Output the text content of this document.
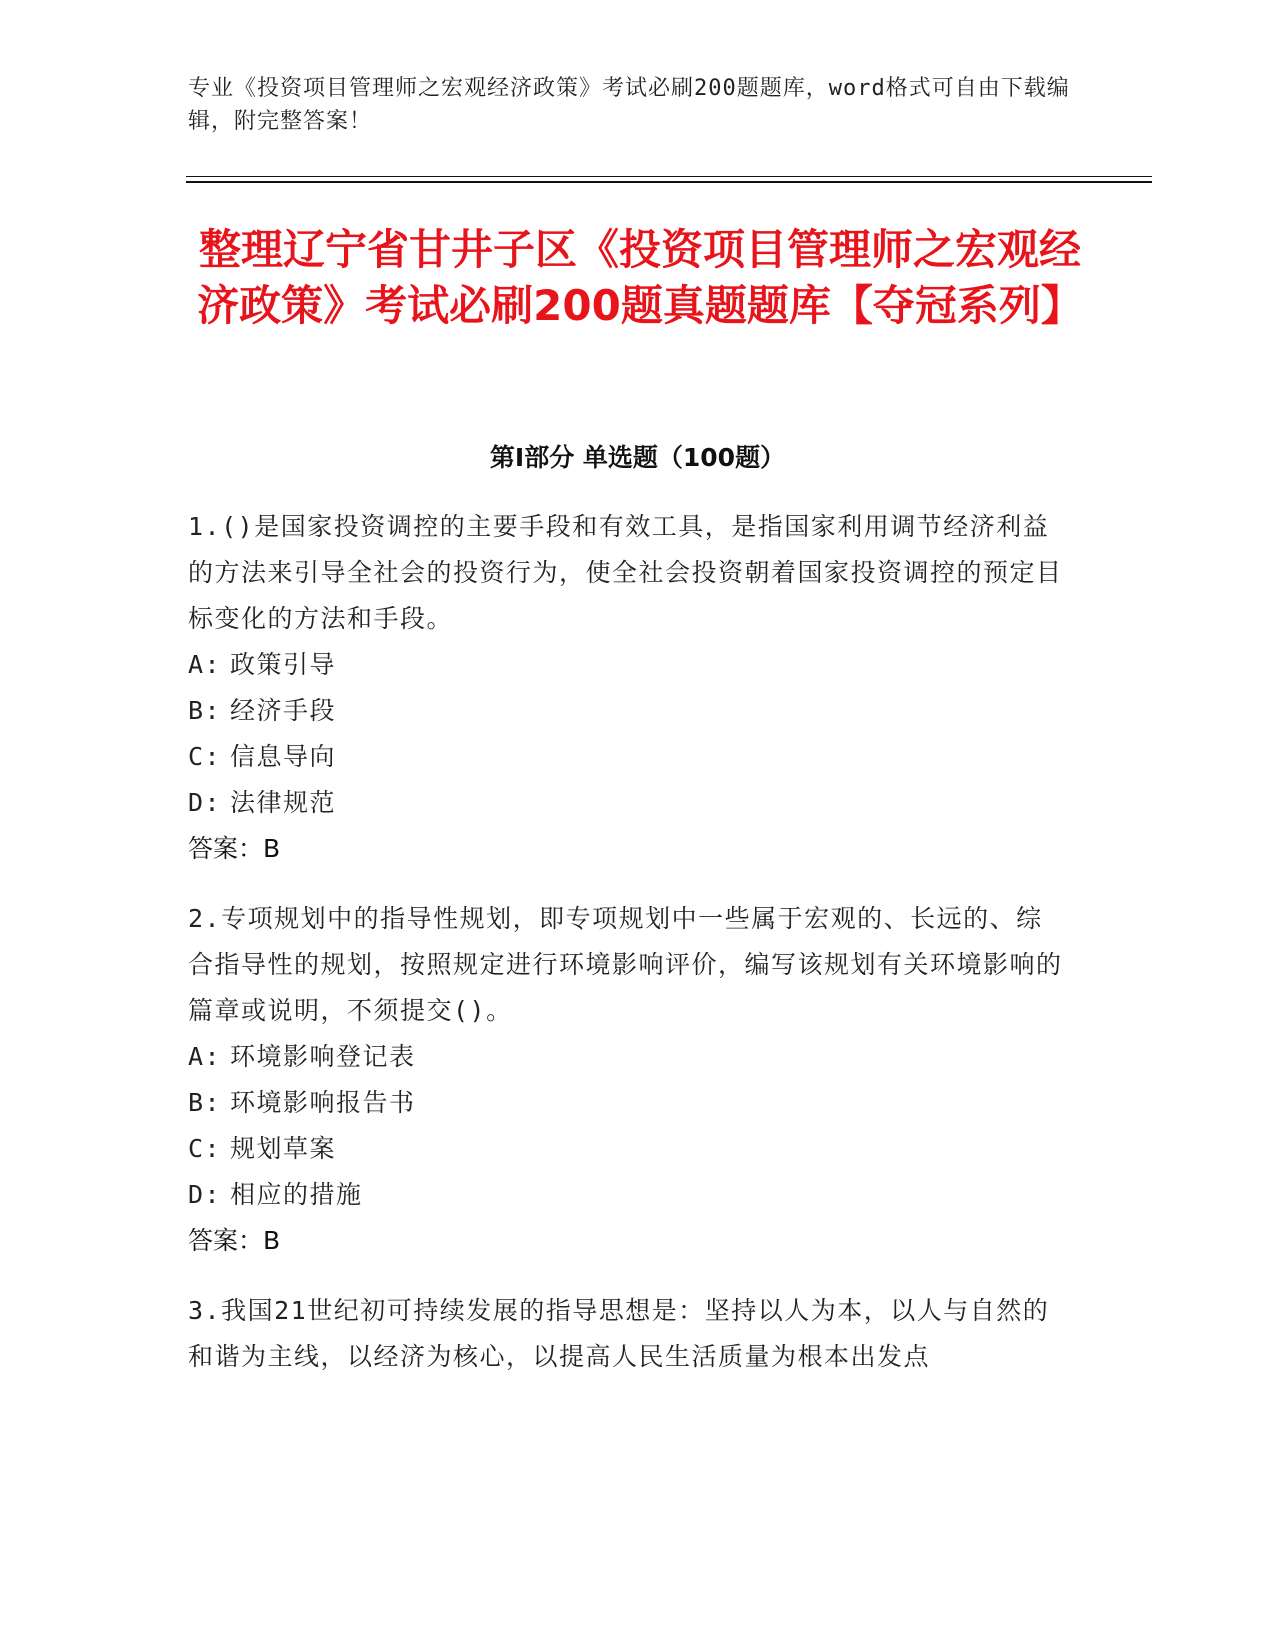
专业《投资项目管理师之宏观经济政策》考试必刷200题题库，word格式可自由下载编辑，附完整答案！
整理辽宁省甘井子区《投资项目管理师之宏观经济政策》考试必刷200题真题题库【夺冠系列】
第I部分 单选题（100题）

1.()是国家投资调控的主要手段和有效工具，是指国家利用调节经济利益的方法来引导全社会的投资行为，使全社会投资朝着国家投资调控的预定目标变化的方法和手段。

A: 政策引导
B: 经济手段
C: 信息导向
D: 法律规范
答案：B

2.专项规划中的指导性规划，即专项规划中一些属于宏观的、长远的、综合指导性的规划，按照规定进行环境影响评价，编写该规划有关环境影响的篇章或说明，不须提交()。

A: 环境影响登记表
B: 环境影响报告书
C: 规划草案
D: 相应的措施
答案：B

3.我国21世纪初可持续发展的指导思想是：坚持以人为本，以人与自然的和谐为主线，以经济为核心，以提高人民生活质量为根本出发点
